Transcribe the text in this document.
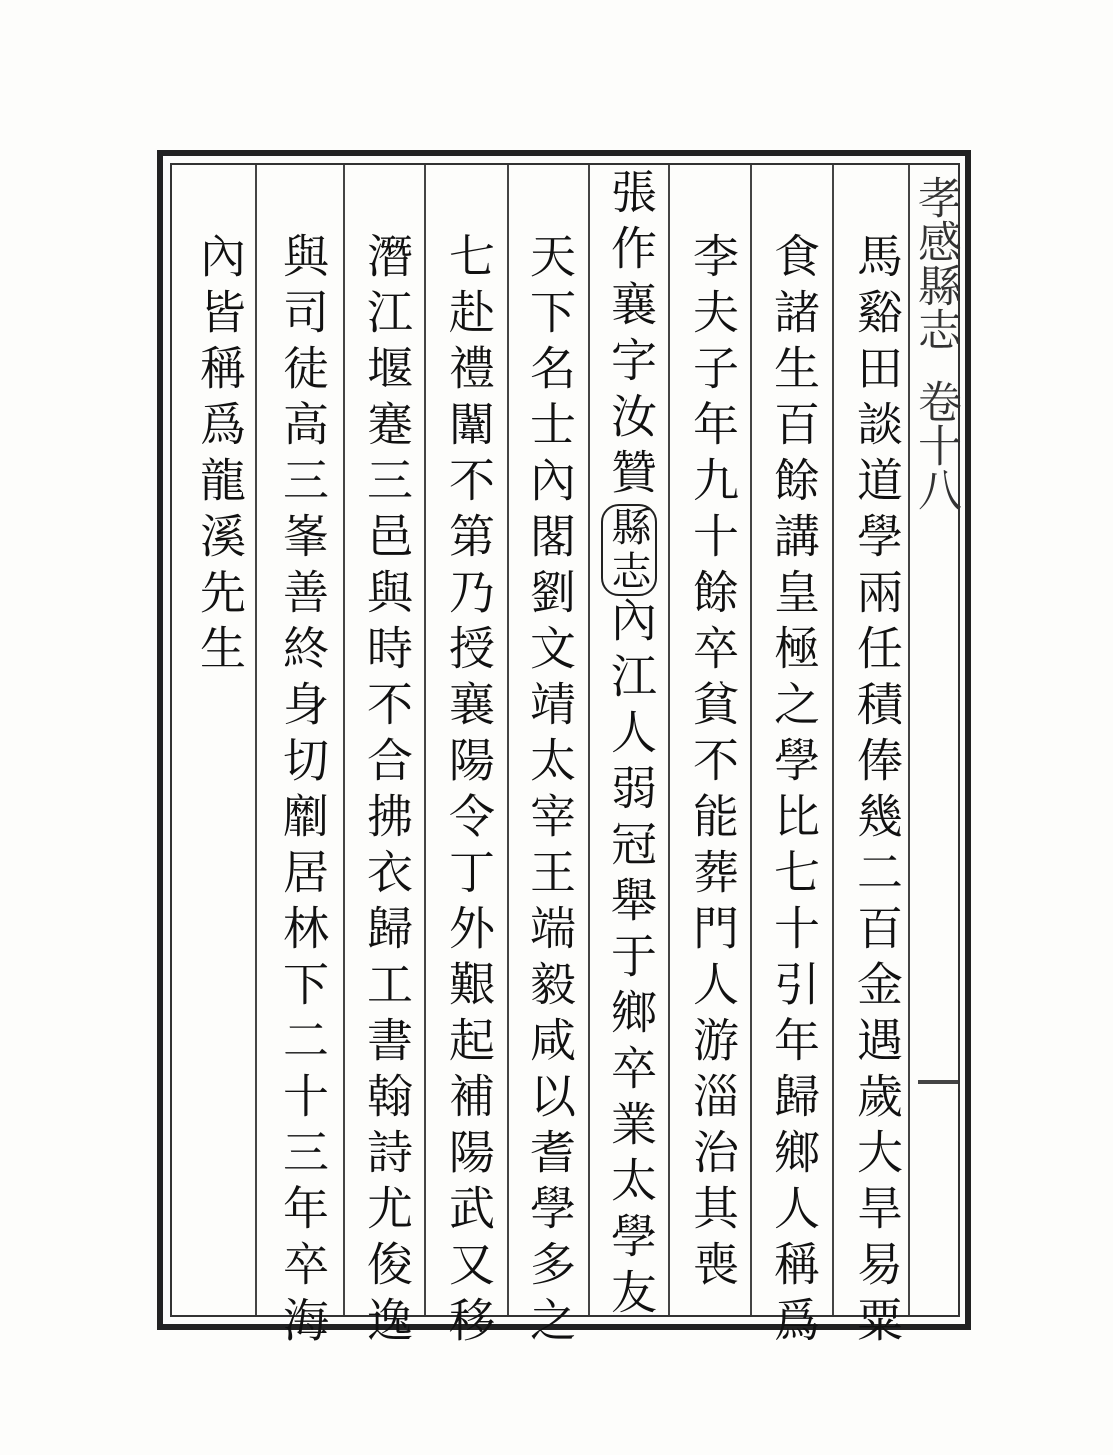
孝感縣志
卷十八
馬谿田談道學兩任積俸幾二百金遇歲大旱易粟
食諸生百餘講皇極之學比七十引年歸鄉人稱爲
李夫子年九十餘卒貧不能葬門人游淄治其喪
張作襄字汝贊
縣志
內江人弱冠舉于鄉卒業太學友
天下名士內閣劉文靖太宰王端毅咸以耆學多之
七赴禮闈不第乃授襄陽令丁外艱起補陽武又移
潛江堰蹇三邑與時不合拂衣歸工書翰詩尤俊逸
與司徒高三峯善終身切劘居林下二十三年卒海
內皆稱爲龍溪先生
